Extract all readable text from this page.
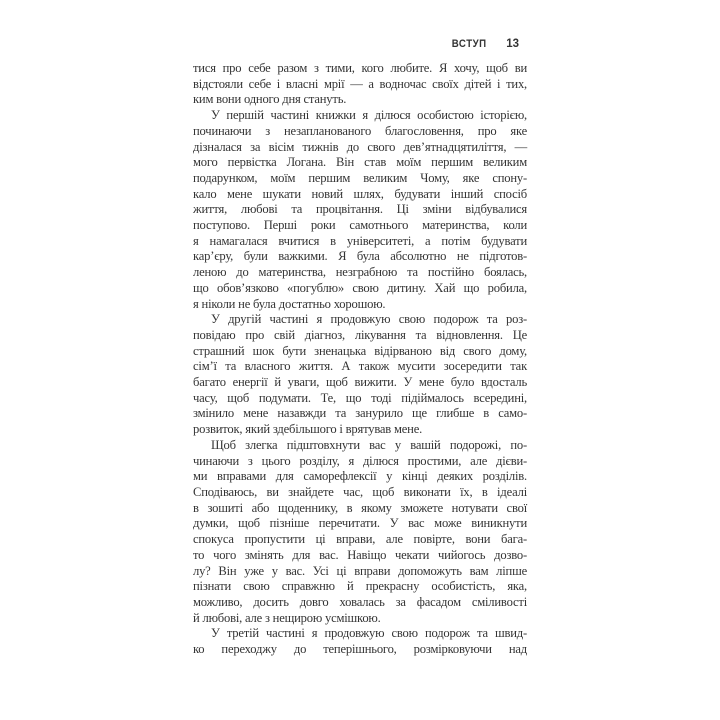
ВСТУП 13
тися про себе разом з тими, кого любите. Я хочу, щоб ви
відстояли себе і власні мрії — а водночас своїх дітей і тих,
ким вони одного дня стануть.
У першій частині книжки я ділюся особистою історією,
починаючи з незапланованого благословення, про яке
дізналася за вісім тижнів до свого дев’ятнадцятиліття, —
мого первістка Логана. Він став моїм першим великим
подарунком, моїм першим великим Чому, яке спону-
кало мене шукати новий шлях, будувати інший спосіб
життя, любові та процвітання. Ці зміни відбувалися
поступово. Перші роки самотнього материнства, коли
я намагалася вчитися в університеті, а потім будувати
кар’єру, були важкими. Я була абсолютно не підготов-
леною до материнства, незграбною та постійно боялась,
що обов’язково «погублю» свою дитину. Хай що робила,
я ніколи не була достатньо хорошою.
У другій частині я продовжую свою подорож та роз-
повідаю про свій діагноз, лікування та відновлення. Це
страшний шок бути зненацька відірваною від свого дому,
сім’ї та власного життя. А також мусити зосередити так
багато енергії й уваги, щоб вижити. У мене було вдосталь
часу, щоб подумати. Те, що тоді підіймалось всередині,
змінило мене назавжди та занурило ще глибше в само-
розвиток, який здебільшого і врятував мене.
Щоб злегка підштовхнути вас у вашій подорожі, по-
чинаючи з цього розділу, я ділюся простими, але дієви-
ми вправами для саморефлексії у кінці деяких розділів.
Сподіваюсь, ви знайдете час, щоб виконати їх, в ідеалі
в зошиті або щоденнику, в якому зможете нотувати свої
думки, щоб пізніше перечитати. У вас може виникнути
спокуса пропустити ці вправи, але повірте, вони бага-
то чого змінять для вас. Навіщо чекати чийогось дозво-
лу? Він уже у вас. Усі ці вправи допоможуть вам ліпше
пізнати свою справжню й прекрасну особистість, яка,
можливо, досить довго ховалась за фасадом сміливості
й любові, але з нещирою усмішкою.
У третій частині я продовжую свою подорож та швид-
ко переходжу до теперішнього, розмірковуючи над
